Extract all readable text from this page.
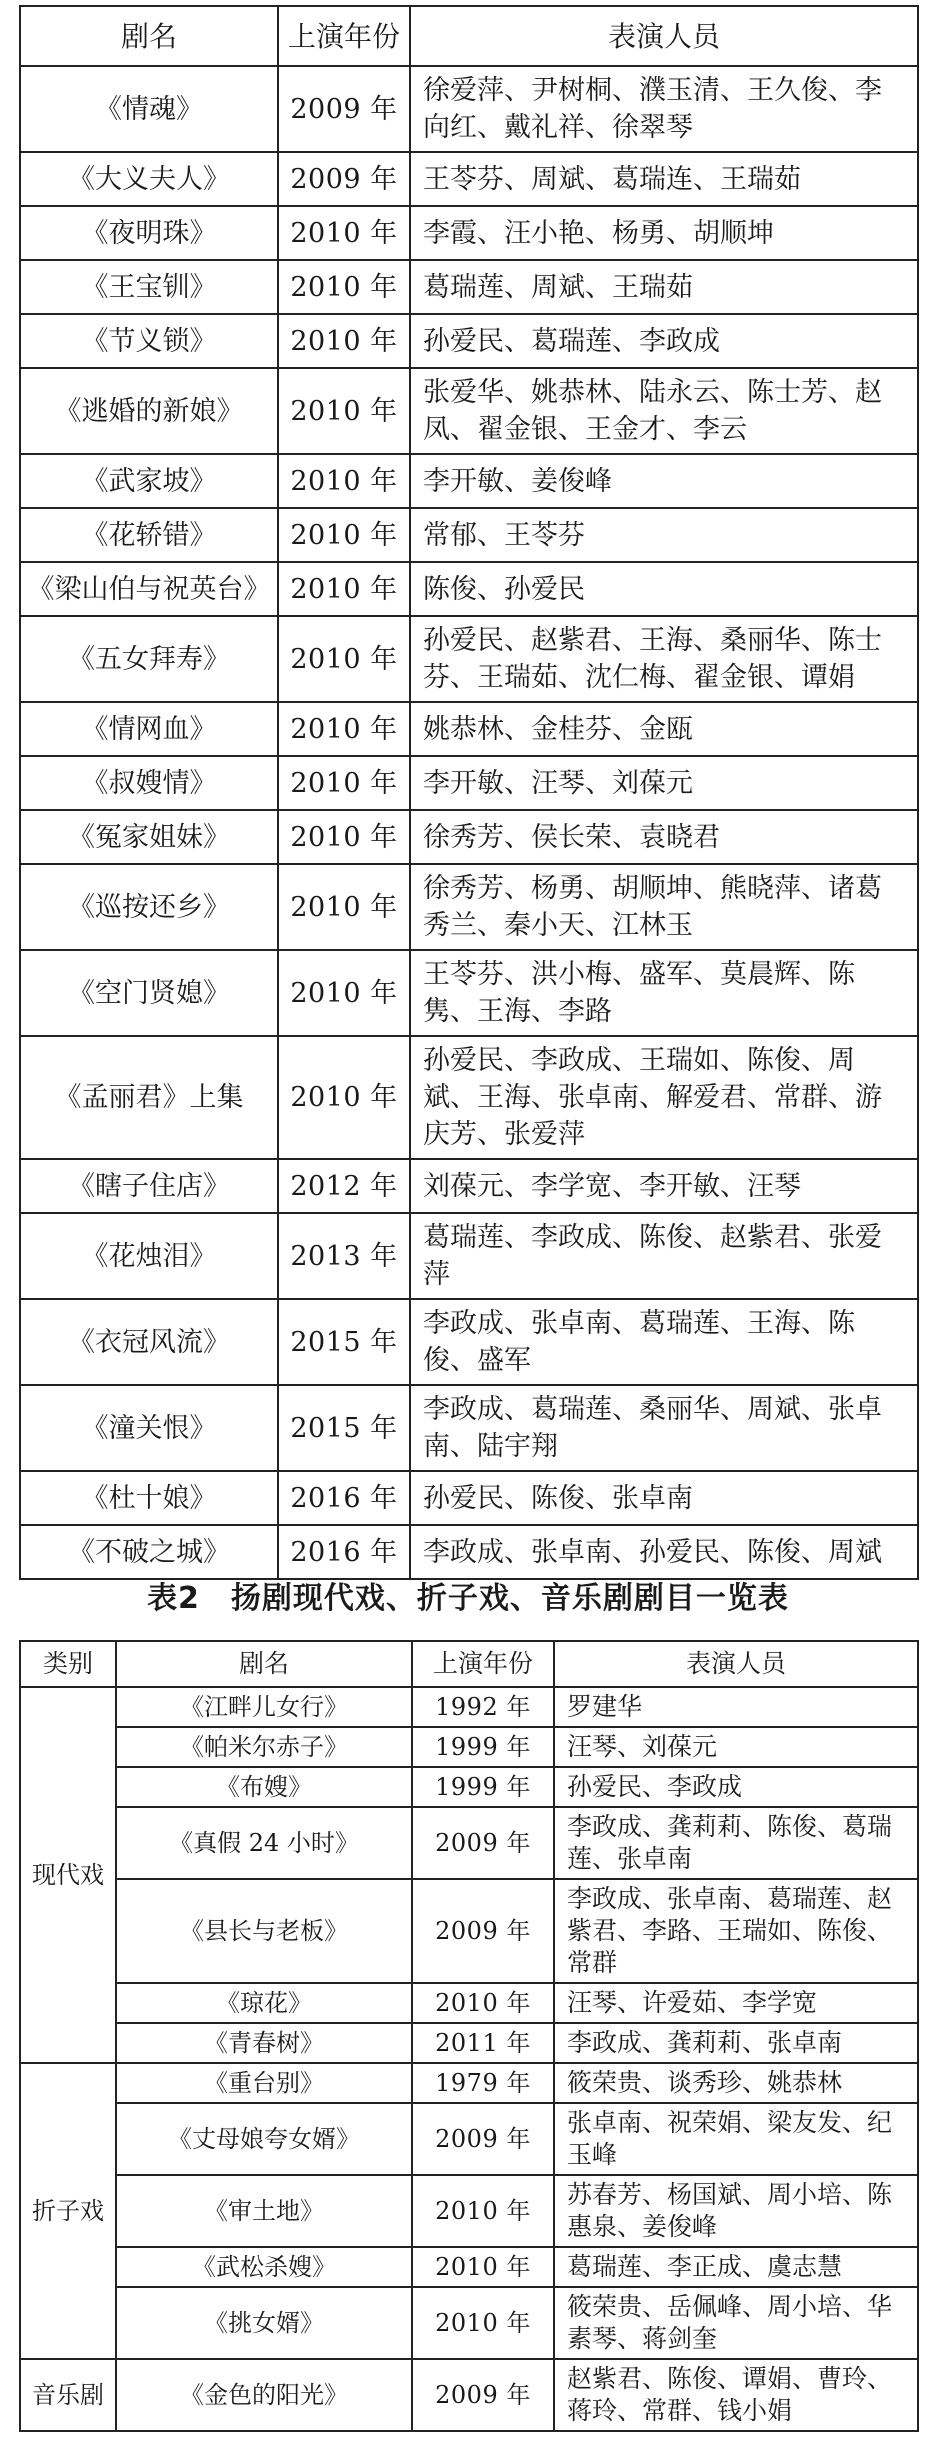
剧名	上演年份	表演人员
《情魂》	2009 年	徐爱萍、尹树桐、濮玉清、王久俊、李向红、戴礼祥、徐翠琴
《大义夫人》	2009 年	王苓芬、周斌、葛瑞连、王瑞茹
《夜明珠》	2010 年	李霞、汪小艳、杨勇、胡顺坤
《王宝钏》	2010 年	葛瑞莲、周斌、王瑞茹
《节义锁》	2010 年	孙爱民、葛瑞莲、李政成
《逃婚的新娘》	2010 年	张爱华、姚恭林、陆永云、陈士芳、赵凤、翟金银、王金才、李云
《武家坡》	2010 年	李开敏、姜俊峰
《花轿错》	2010 年	常郁、王苓芬
《梁山伯与祝英台》	2010 年	陈俊、孙爱民
《五女拜寿》	2010 年	孙爱民、赵紫君、王海、桑丽华、陈士芬、王瑞茹、沈仁梅、翟金银、谭娟
《情网血》	2010 年	姚恭林、金桂芬、金瓯
《叔嫂情》	2010 年	李开敏、汪琴、刘葆元
《冤家姐妹》	2010 年	徐秀芳、侯长荣、袁晓君
《巡按还乡》	2010 年	徐秀芳、杨勇、胡顺坤、熊晓萍、诸葛秀兰、秦小天、江林玉
《空门贤媳》	2010 年	王苓芬、洪小梅、盛军、莫晨辉、陈隽、王海、李路
《孟丽君》上集	2010 年	孙爱民、李政成、王瑞如、陈俊、周斌、王海、张卓南、解爱君、常群、游庆芳、张爱萍
《瞎子住店》	2012 年	刘葆元、李学宽、李开敏、汪琴
《花烛泪》	2013 年	葛瑞莲、李政成、陈俊、赵紫君、张爱萍
《衣冠风流》	2015 年	李政成、张卓南、葛瑞莲、王海、陈俊、盛军
《潼关恨》	2015 年	李政成、葛瑞莲、桑丽华、周斌、张卓南、陆宇翔
《杜十娘》	2016 年	孙爱民、陈俊、张卓南
《不破之城》	2016 年	李政成、张卓南、孙爱民、陈俊、周斌
表2　扬剧现代戏、折子戏、音乐剧剧目一览表
类别	剧名	上演年份	表演人员
现代戏	《江畔儿女行》	1992 年	罗建华
	《帕米尔赤子》	1999 年	汪琴、刘葆元
	《布嫂》	1999 年	孙爱民、李政成
	《真假 24 小时》	2009 年	李政成、龚莉莉、陈俊、葛瑞莲、张卓南
	《县长与老板》	2009 年	李政成、张卓南、葛瑞莲、赵紫君、李路、王瑞如、陈俊、常群
	《琼花》	2010 年	汪琴、许爱茹、李学宽
	《青春树》	2011 年	李政成、龚莉莉、张卓南
折子戏	《重台别》	1979 年	筱荣贵、谈秀珍、姚恭林
	《丈母娘夸女婿》	2009 年	张卓南、祝荣娟、梁友发、纪玉峰
	《审土地》	2010 年	苏春芳、杨国斌、周小培、陈惠泉、姜俊峰
	《武松杀嫂》	2010 年	葛瑞莲、李正成、虞志慧
	《挑女婿》	2010 年	筱荣贵、岳佩峰、周小培、华素琴、蒋剑奎
音乐剧	《金色的阳光》	2009 年	赵紫君、陈俊、谭娟、曹玲、蒋玲、常群、钱小娟
